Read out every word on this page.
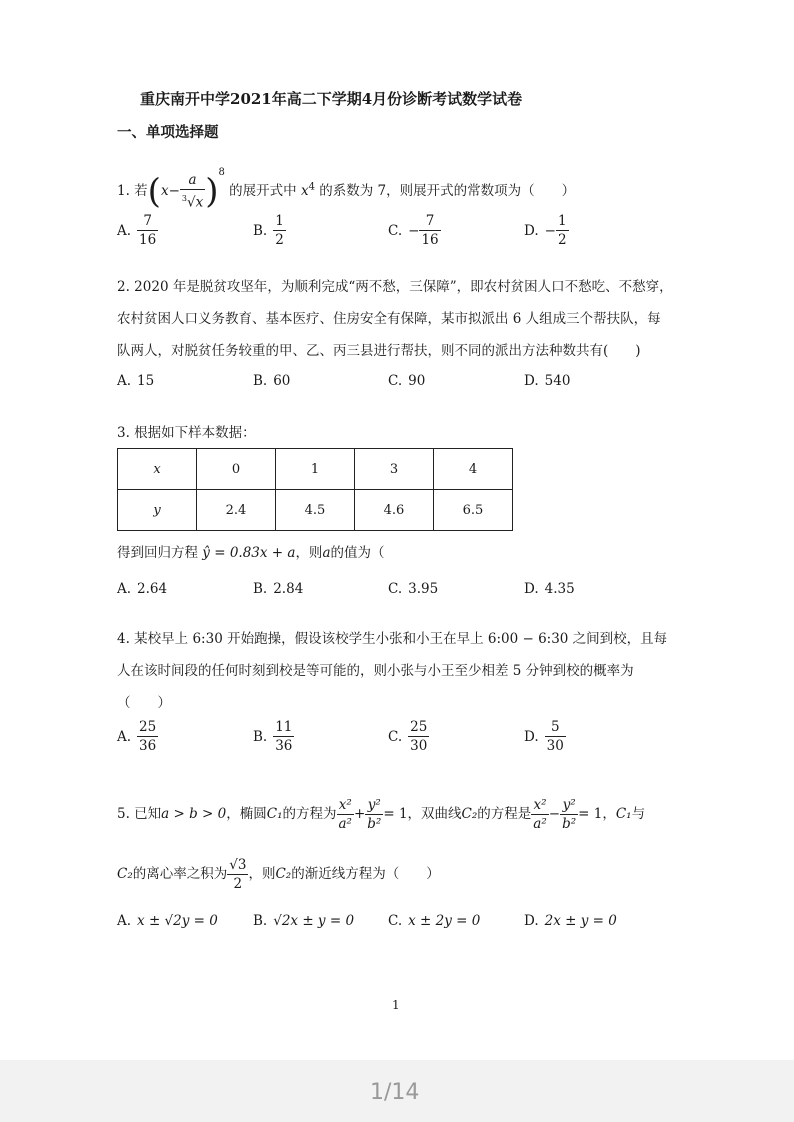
重庆南开中学2021年高二下学期4月份诊断考试数学试卷
一、单项选择题
1. 若$(x- \frac{a}{^3√x} )^8$ 的展开式中 $x^4$ 的系数为 7，则展开式的常数项为（　　）
A. $\frac{7}{16}$	B. $\frac{1}{2}$	C. − $\frac{7}{16}$	D. − $\frac{1}{2}$
2. 2020 年是脱贫攻坚年，为顺利完成“两不愁，三保障”，即农村贫困人口不愁吃、不愁穿，
农村贫困人口义务教育、基本医疗、住房安全有保障，某市拟派出 6 人组成三个帮扶队，每
队两人，对脱贫任务较重的甲、乙、丙三县进行帮扶，则不同的派出方法种数共有(　　)
A. 15	B. 60	C. 90	D. 540
3. 根据如下样本数据：
x	0	1	3	4
y	2.4	4.5	4.6	6.5
得到回归方程 ŷ = 0.83x + a，则a的值为（
A. 2.64	B. 2.84	C. 3.95	D. 4.35
4. 某校早上 6:30 开始跑操，假设该校学生小张和小王在早上 6:00 − 6:30 之间到校，且每
人在该时间段的任何时刻到校是等可能的，则小张与小王至少相差 5 分钟到校的概率为
（　　）
A. $\frac{25}{36}$	B. $\frac{11}{36}$	C. $\frac{25}{30}$	D. $\frac{5}{30}$
5. 已知a > b > 0，椭圆C₁的方程为 $\frac{\text{x²}}{\text{a²}} + \frac{\text{y²}}{\text{b²}} = 1$，双曲线C₂的方程是 $\frac{\text{x²}}{\text{a²}} - \frac{\text{y²}}{\text{b²}} = 1$，C₁与
C₂的离心率之积为 $\frac{√3}{2}$ ，则C₂的渐近线方程为（　　）
A. x ± √2y = 0	B. √2x ± y = 0	C. x ± 2y = 0	D. 2x ± y = 0
1
1/14
